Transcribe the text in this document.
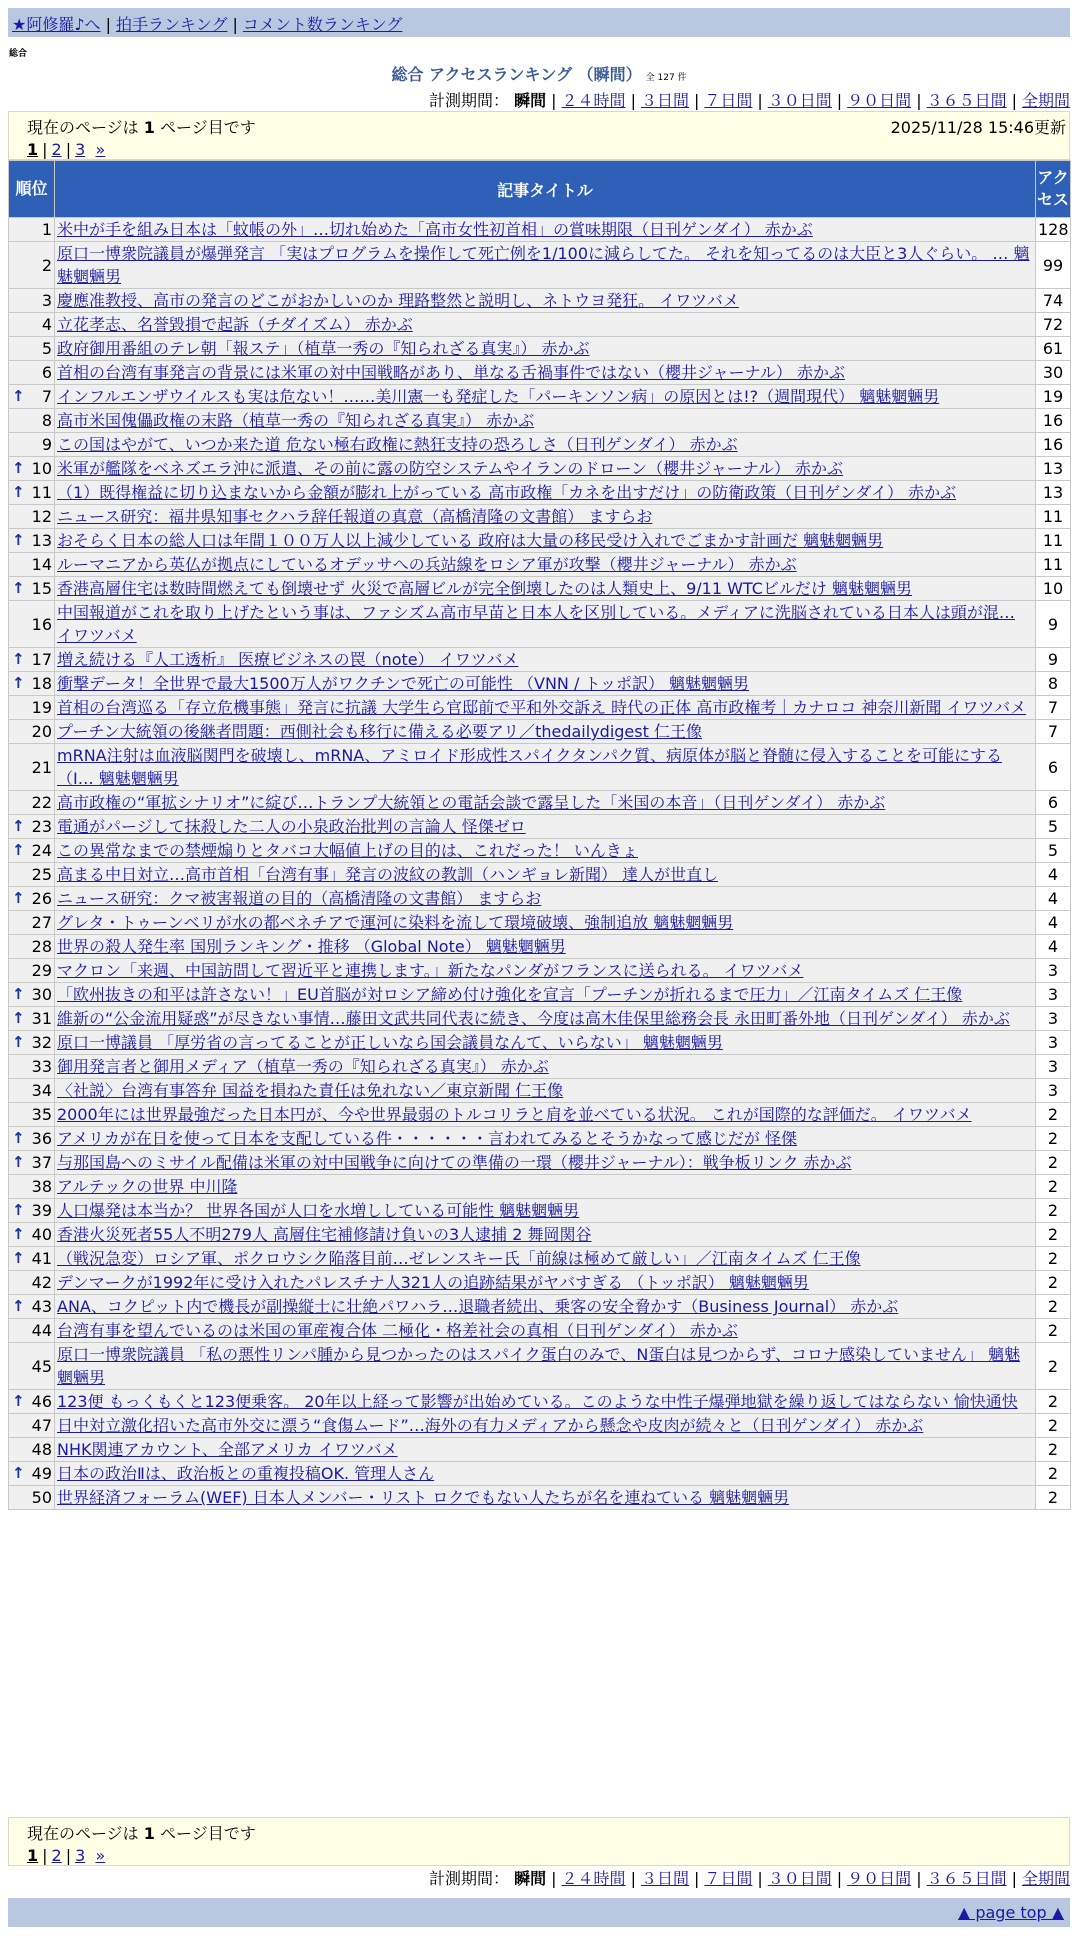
★阿修羅♪へ | 拍手ランキング | コメント数ランキング
総合
総合 アクセスランキング （瞬間） 全 127 件
計測期間： 瞬間 | ２４時間 | ３日間 | ７日間 | ３０日間 | ９０日間 | ３６５日間 | 全期間
現在のページは 1 ページ目です	2025/11/28 15:46更新
1 | 2 | 3 »
順位	記事タイトル	アクセス
1	米中が手を組み日本は「蚊帳の外」…切れ始めた「高市女性初首相」の賞味期限（日刊ゲンダイ） 赤かぶ	128
2	原口一博衆院議員が爆弾発言 「実はプログラムを操作して死亡例を1/100に減らしてた。 それを知ってるのは大臣と3人ぐらい。 … 魑魅魍魎男	99
3	慶應准教授、高市の発言のどこがおかしいのか 理路整然と説明し、ネトウヨ発狂。 イワツバメ	74
4	立花孝志、名誉毀損で起訴（チダイズム） 赤かぶ	72
5	政府御用番組のテレ朝「報ステ」（植草一秀の『知られざる真実』） 赤かぶ	61
6	首相の台湾有事発言の背景には米軍の対中国戦略があり、単なる舌禍事件ではない（櫻井ジャーナル） 赤かぶ	30

↑ 7	インフルエンザウイルスも実は危ない！……美川憲一も発症した「パーキンソン病」の原因とは!?（週間現代） 魑魅魍魎男	19
8	高市米国傀儡政権の末路（植草一秀の『知られざる真実』） 赤かぶ	16
9	この国はやがて、いつか来た道 危ない極右政権に熱狂支持の恐ろしさ（日刊ゲンダイ） 赤かぶ	16

↑ 10	米軍が艦隊をベネズエラ沖に派遣、その前に露の防空システムやイランのドローン（櫻井ジャーナル） 赤かぶ	13

↑ 11	（1）既得権益に切り込まないから金額が膨れ上がっている 高市政権「カネを出すだけ」の防衛政策（日刊ゲンダイ） 赤かぶ	13
12	ニュース研究：福井県知事セクハラ辞任報道の真意（高橋清隆の文書館） ますらお	11

↑ 13	おそらく日本の総人口は年間１００万人以上減少している 政府は大量の移民受け入れでごまかす計画だ 魑魅魍魎男	11
14	ルーマニアから英仏が拠点にしているオデッサへの兵站線をロシア軍が攻撃（櫻井ジャーナル） 赤かぶ	11

↑ 15	香港高層住宅は数時間燃えても倒壊せず 火災で高層ビルが完全倒壊したのは人類史上、9/11 WTCビルだけ 魑魅魍魎男	10
16	中国報道がこれを取り上げたという事は、ファシズム高市早苗と日本人を区別している。メディアに洗脳されている日本人は頭が混… イワツバメ	9

↑ 17	増え続ける『人工透析』 医療ビジネスの罠（note） イワツバメ	9

↑ 18	衝撃データ！全世界で最大1500万人がワクチンで死亡の可能性 （VNN / トッポ訳） 魑魅魍魎男	8
19	首相の台湾巡る「存立危機事態」発言に抗議 大学生ら官邸前で平和外交訴え 時代の正体 高市政権考｜カナロコ 神奈川新聞 イワツバメ	7
20	プーチン大統領の後継者問題：西側社会も移行に備える必要アリ／thedailydigest 仁王像	7
21	mRNA注射は血液脳関門を破壊し、mRNA、アミロイド形成性スパイクタンパク質、病原体が脳と脊髄に侵入することを可能にする（I… 魑魅魍魎男	6
22	高市政権の“軍拡シナリオ”に綻び…トランプ大統領との電話会談で露呈した「米国の本音」（日刊ゲンダイ） 赤かぶ	6

↑ 23	電通がパージして抹殺した二人の小泉政治批判の言論人 怪傑ゼロ	5

↑ 24	この異常なまでの禁煙煽りとタバコ大幅値上げの目的は、これだった！ いんきょ	5
25	高まる中日対立…高市首相「台湾有事」発言の波紋の教訓（ハンギョレ新聞） 達人が世直し	4

↑ 26	ニュース研究：クマ被害報道の目的（高橋清隆の文書館） ますらお	4
27	グレタ・トゥーンベリが水の都ベネチアで運河に染料を流して環境破壊、強制追放 魑魅魍魎男	4
28	世界の殺人発生率 国別ランキング・推移 （Global Note） 魑魅魍魎男	4
29	マクロン「来週、中国訪問して習近平と連携します。」新たなパンダがフランスに送られる。 イワツバメ	3

↑ 30	「欧州抜きの和平は許さない！」EU首脳が対ロシア締め付け強化を宣言「プーチンが折れるまで圧力」／江南タイムズ 仁王像	3

↑ 31	維新の“公金流用疑惑”が尽きない事情…藤田文武共同代表に続き、今度は高木佳保里総務会長 永田町番外地（日刊ゲンダイ） 赤かぶ	3

↑ 32	原口一博議員 「厚労省の言ってることが正しいなら国会議員なんて、いらない」 魑魅魍魎男	3
33	御用発言者と御用メディア（植草一秀の『知られざる真実』） 赤かぶ	3
34	〈社説〉台湾有事答弁 国益を損ねた責任は免れない／東京新聞 仁王像	3
35	2000年には世界最強だった日本円が、今や世界最弱のトルコリラと肩を並べている状況。 これが国際的な評価だ。 イワツバメ	2

↑ 36	アメリカが在日を使って日本を支配している件・・・・・・言われてみるとそうかなって感じだが 怪傑	2

↑ 37	与那国島へのミサイル配備は米軍の対中国戦争に向けての準備の一環（櫻井ジャーナル）：戦争板リンク 赤かぶ	2
38	アルテックの世界 中川隆	2

↑ 39	人口爆発は本当か？ 世界各国が人口を水増ししている可能性 魑魅魍魎男	2

↑ 40	香港火災死者55人不明279人 高層住宅補修請け負いの3人逮捕 2 舞岡関谷	2

↑ 41	（戦況急変）ロシア軍、ポクロウシク陥落目前…ゼレンスキー氏「前線は極めて厳しい」／江南タイムズ 仁王像	2
42	デンマークが1992年に受け入れたパレスチナ人321人の追跡結果がヤバすぎる （トッポ訳） 魑魅魍魎男	2

↑ 43	ANA、コクピット内で機長が副操縦士に壮絶パワハラ…退職者続出、乗客の安全脅かす（Business Journal） 赤かぶ	2
44	台湾有事を望んでいるのは米国の軍産複合体 二極化・格差社会の真相（日刊ゲンダイ） 赤かぶ	2
45	原口一博衆院議員 「私の悪性リンパ腫から見つかったのはスパイク蛋白のみで、N蛋白は見つからず、コロナ感染していません」 魑魅魍魎男	2

↑ 46	123便 もっくもくと123便乗客。 20年以上経って影響が出始めている。このような中性子爆弾地獄を繰り返してはならない 愉快通快	2
47	日中対立激化招いた高市外交に漂う“食傷ムード”…海外の有力メディアから懸念や皮肉が続々と（日刊ゲンダイ） 赤かぶ	2
48	NHK関連アカウント、全部アメリカ イワツバメ	2

↑ 49	日本の政治Ⅱは、政治板との重複投稿OK. 管理人さん	2
50	世界経済フォーラム(WEF) 日本人メンバー・リスト ロクでもない人たちが名を連ねている 魑魅魍魎男	2
計測期間： 瞬間 | ２４時間 | ３日間 | ７日間 | ３０日間 | ９０日間 | ３６５日間 | 全期間
▲ page top ▲
現在のページは 1 ページ目です
1 | 2 | 3 »
